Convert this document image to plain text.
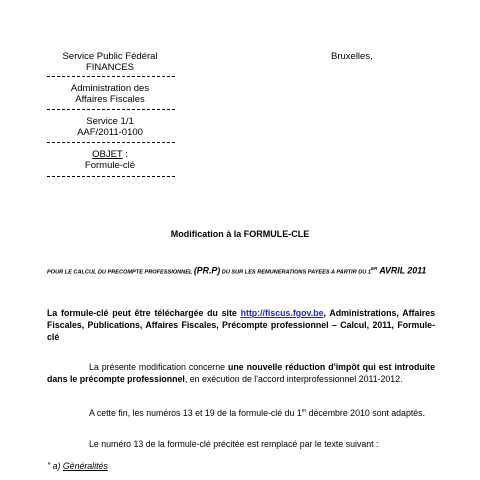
Service Public Fédéral
FINANCES
Administration des
Affaires Fiscales
Service 1/1
AAF/2011-0100
OBJET :
Formule-clé
Bruxelles,
Modification à la FORMULE-CLE
POUR LE CALCUL DU PRECOMPTE PROFESSIONNEL (PR.P) DU SUR LES REMUNERATIONS PAYEES A PARTIR DU 1ER AVRIL 2011
La formule-clé peut être téléchargée du site http://fiscus.fgov.be, Administrations, Affaires Fiscales, Publications, Affaires Fiscales, Précompte professionnel – Calcul, 2011, Formule-clé
La présente modification concerne une nouvelle réduction d'impôt qui est introduite dans le précompte professionnel, en exécution de l'accord interprofessionnel 2011-2012.
A cette fin, les numéros 13 et 19 de la formule-clé du 1er décembre 2010 sont adaptés.
Le numéro 13 de la formule-clé précitée est remplacé par le texte suivant :
" a) Généralités
